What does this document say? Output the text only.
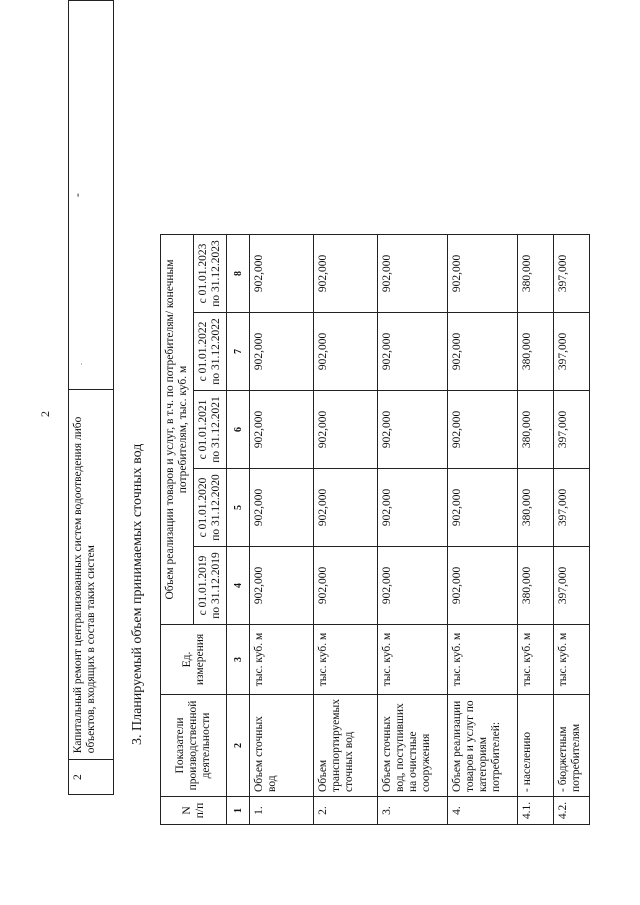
2
.
2	Капитальный ремонт централизованных систем водоотведения либо объектов, входящих в состав таких систем	-
3. Планируемый объем принимаемых сточных вод
N п/п	Показатели производственной деятельности	Ед. измерения	Объем реализации товаров и услуг, в т.ч. по потребителям/ конечным потребителям, тыс. куб. м				
			с 01.01.2019 по 31.12.2019	с 01.01.2020 по 31.12.2020	с 01.01.2021 по 31.12.2021	с 01.01.2022 по 31.12.2022	с 01.01.2023 по 31.12.2023
1	2	3	4	5	6	7	8
1.	Объем сточных вод	тыс. куб. м	902,000	902,000	902,000	902,000	902,000
2.	Объем транспортируемых сточных вод	тыс. куб. м	902,000	902,000	902,000	902,000	902,000
3.	Объем сточных вод, поступивших на очистные сооружения	тыс. куб. м	902,000	902,000	902,000	902,000	902,000
4.	Объем реализации товаров и услуг по категориям потребителей:	тыс. куб. м	902,000	902,000	902,000	902,000	902,000
4.1.	- населению	тыс. куб. м	380,000	380,000	380,000	380,000	380,000
4.2.	- бюджетным потребителям	тыс. куб. м	397,000	397,000	397,000	397,000	397,000
